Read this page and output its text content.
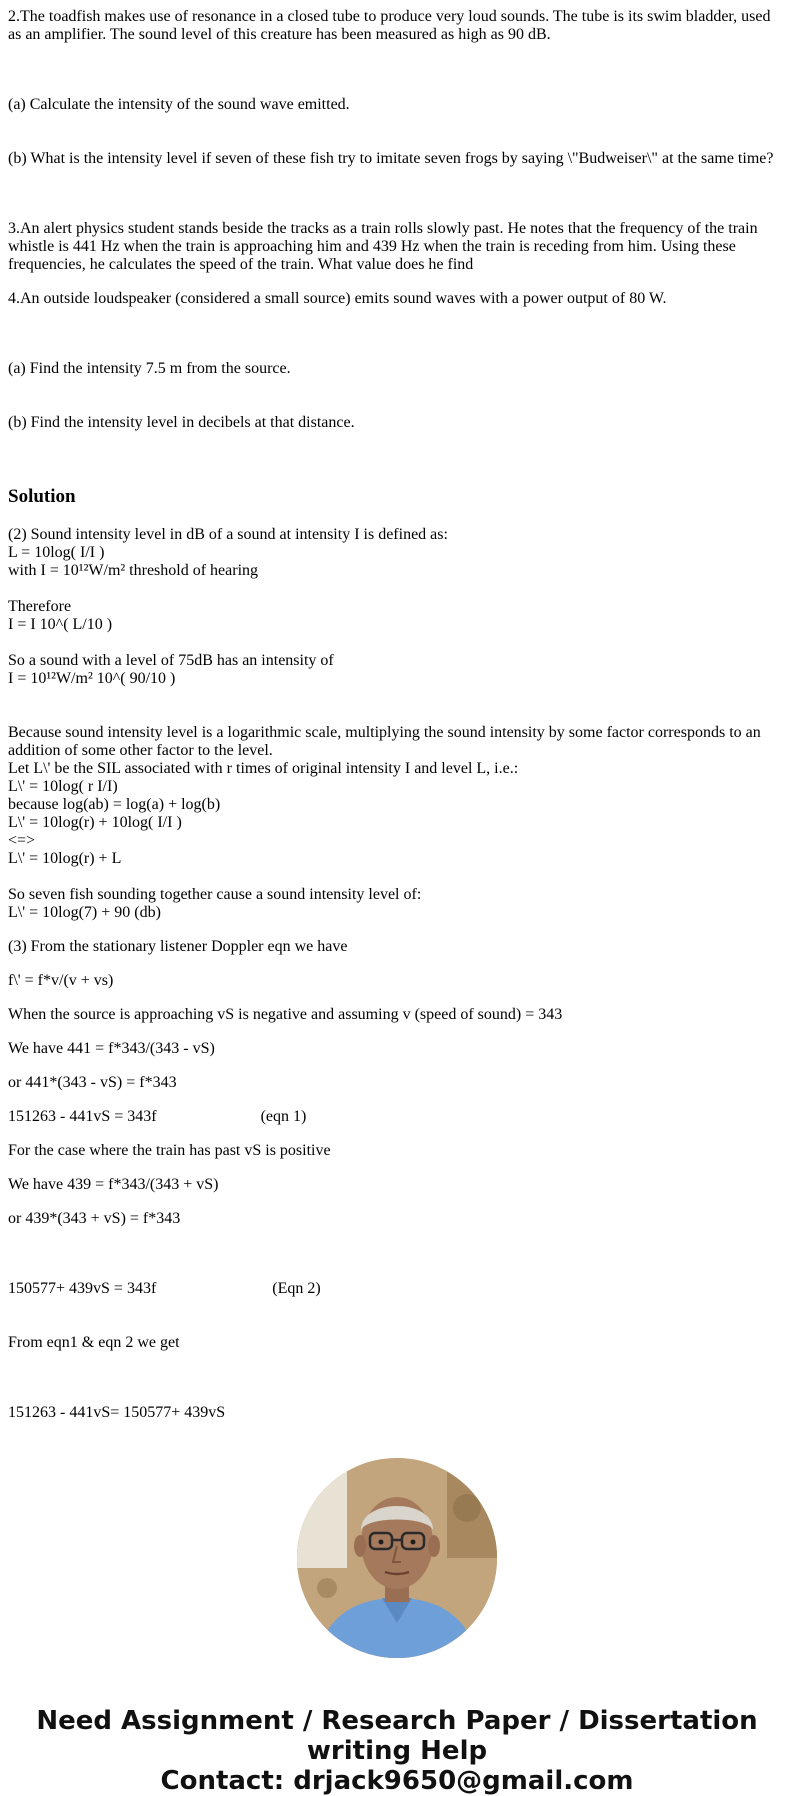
2.The toadfish makes use of resonance in a closed tube to produce very loud sounds. The tube is its swim bladder, used as an amplifier. The sound level of this creature has been measured as high as 90 dB.

(a) Calculate the intensity of the sound wave emitted.

(b) What is the intensity level if seven of these fish try to imitate seven frogs by saying \"Budweiser\" at the same time?

3.An alert physics student stands beside the tracks as a train rolls slowly past. He notes that the frequency of the train whistle is 441 Hz when the train is approaching him and 439 Hz when the train is receding from him. Using these frequencies, he calculates the speed of the train. What value does he find

4.An outside loudspeaker (considered a small source) emits sound waves with a power output of 80 W.

(a) Find the intensity 7.5 m from the source.

(b) Find the intensity level in decibels at that distance.

Solution
(2) Sound intensity level in dB of a sound at intensity I is defined as:
L = 10log( I/I )
with I = 10¹²W/m² threshold of hearing
Therefore
I = I 10^( L/10 )
So a sound with a level of 75dB has an intensity of
I = 10¹²W/m² 10^( 90/10 )
Because sound intensity level is a logarithmic scale, multiplying the sound intensity by some factor corresponds to an addition of some other factor to the level.
Let L\' be the SIL associated with r times of original intensity I and level L, i.e.:
L\' = 10log( r I/I)
because log(ab) = log(a) + log(b)
L\' = 10log(r) + 10log( I/I )
<=>
L\' = 10log(r) + L
So seven fish sounding together cause a sound intensity level of:
L\' = 10log(7) + 90 (db)

(3) From the stationary listener Doppler eqn we have

f\' = f*v/(v + vs)

When the source is approaching vS is negative and assuming v (speed of sound) = 343

We have 441 = f*343/(343 - vS)

or 441*(343 - vS) = f*343

151263 - 441vS = 343f                          (eqn 1)

For the case where the train has past vS is positive

We have 439 = f*343/(343 + vS)

or 439*(343 + vS) = f*343

150577+ 439vS = 343f                             (Eqn 2)

From eqn1 & eqn 2 we get

151263 - 441vS= 150577+ 439vS

Need Assignment / Research Paper / Dissertation
writing Help
Contact: drjack9650@gmail.com
